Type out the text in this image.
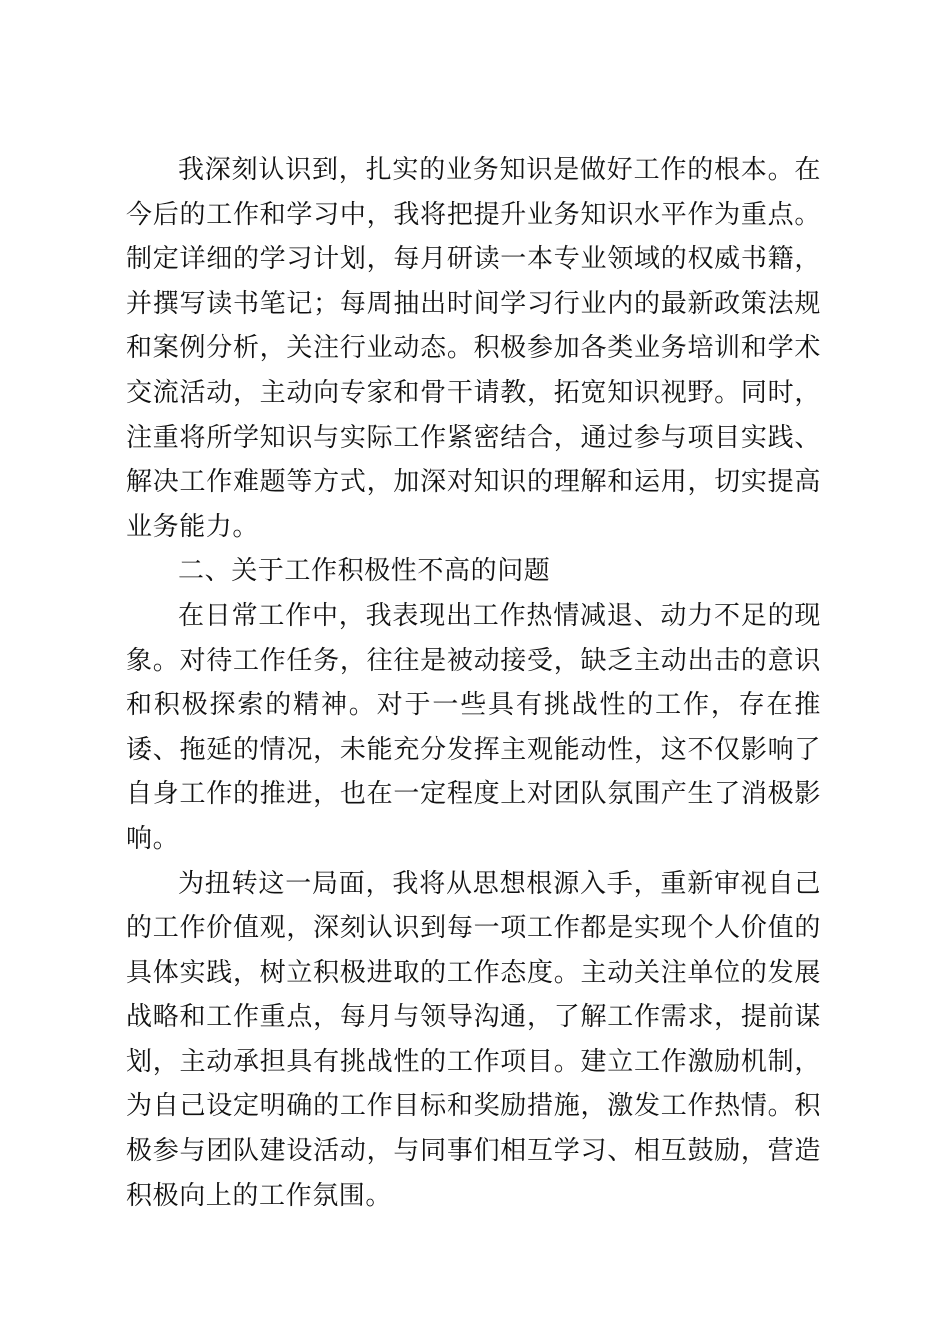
我深刻认识到，扎实的业务知识是做好工作的根本。在今后的工作和学习中，我将把提升业务知识水平作为重点。制定详细的学习计划，每月研读一本专业领域的权威书籍，并撰写读书笔记；每周抽出时间学习行业内的最新政策法规和案例分析，关注行业动态。积极参加各类业务培训和学术交流活动，主动向专家和骨干请教，拓宽知识视野。同时，注重将所学知识与实际工作紧密结合，通过参与项目实践、解决工作难题等方式，加深对知识的理解和运用，切实提高业务能力。

二、关于工作积极性不高的问题

在日常工作中，我表现出工作热情减退、动力不足的现象。对待工作任务，往往是被动接受，缺乏主动出击的意识和积极探索的精神。对于一些具有挑战性的工作，存在推诿、拖延的情况，未能充分发挥主观能动性，这不仅影响了自身工作的推进，也在一定程度上对团队氛围产生了消极影响。

为扭转这一局面，我将从思想根源入手，重新审视自己的工作价值观，深刻认识到每一项工作都是实现个人价值的具体实践，树立积极进取的工作态度。主动关注单位的发展战略和工作重点，每月与领导沟通，了解工作需求，提前谋划，主动承担具有挑战性的工作项目。建立工作激励机制，为自己设定明确的工作目标和奖励措施，激发工作热情。积极参与团队建设活动，与同事们相互学习、相互鼓励，营造积极向上的工作氛围。
